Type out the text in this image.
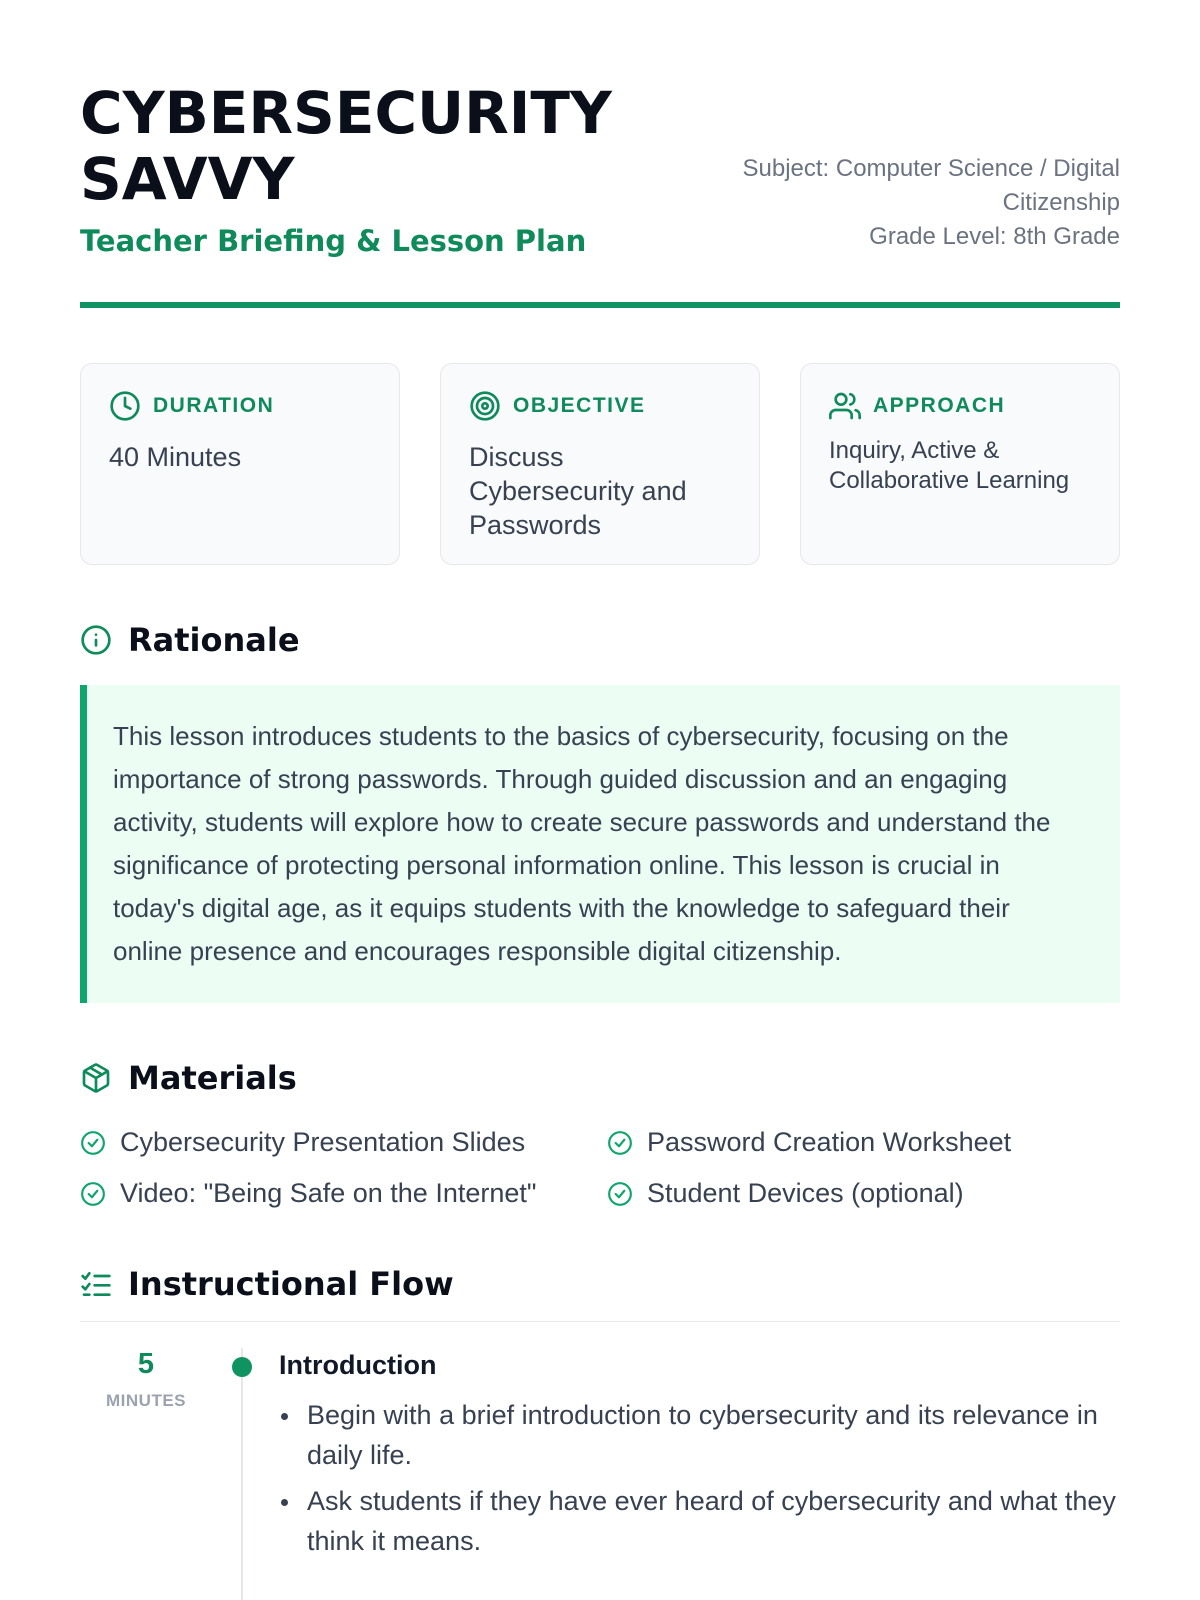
CYBERSECURITY SAVVY
Teacher Briefing & Lesson Plan
Subject: Computer Science / Digital Citizenship
Grade Level: 8th Grade
DURATION
40 Minutes
OBJECTIVE
Discuss Cybersecurity and Passwords
APPROACH
Inquiry, Active & Collaborative Learning
Rationale
This lesson introduces students to the basics of cybersecurity, focusing on the importance of strong passwords. Through guided discussion and an engaging activity, students will explore how to create secure passwords and understand the significance of protecting personal information online. This lesson is crucial in today's digital age, as it equips students with the knowledge to safeguard their online presence and encourages responsible digital citizenship.
Materials
Cybersecurity Presentation Slides	Password Creation Worksheet
Video: "Being Safe on the Internet"	Student Devices (optional)
Instructional Flow
5
MINUTES
Introduction
Begin with a brief introduction to cybersecurity and its relevance in daily life.
Ask students if they have ever heard of cybersecurity and what they think it means.
